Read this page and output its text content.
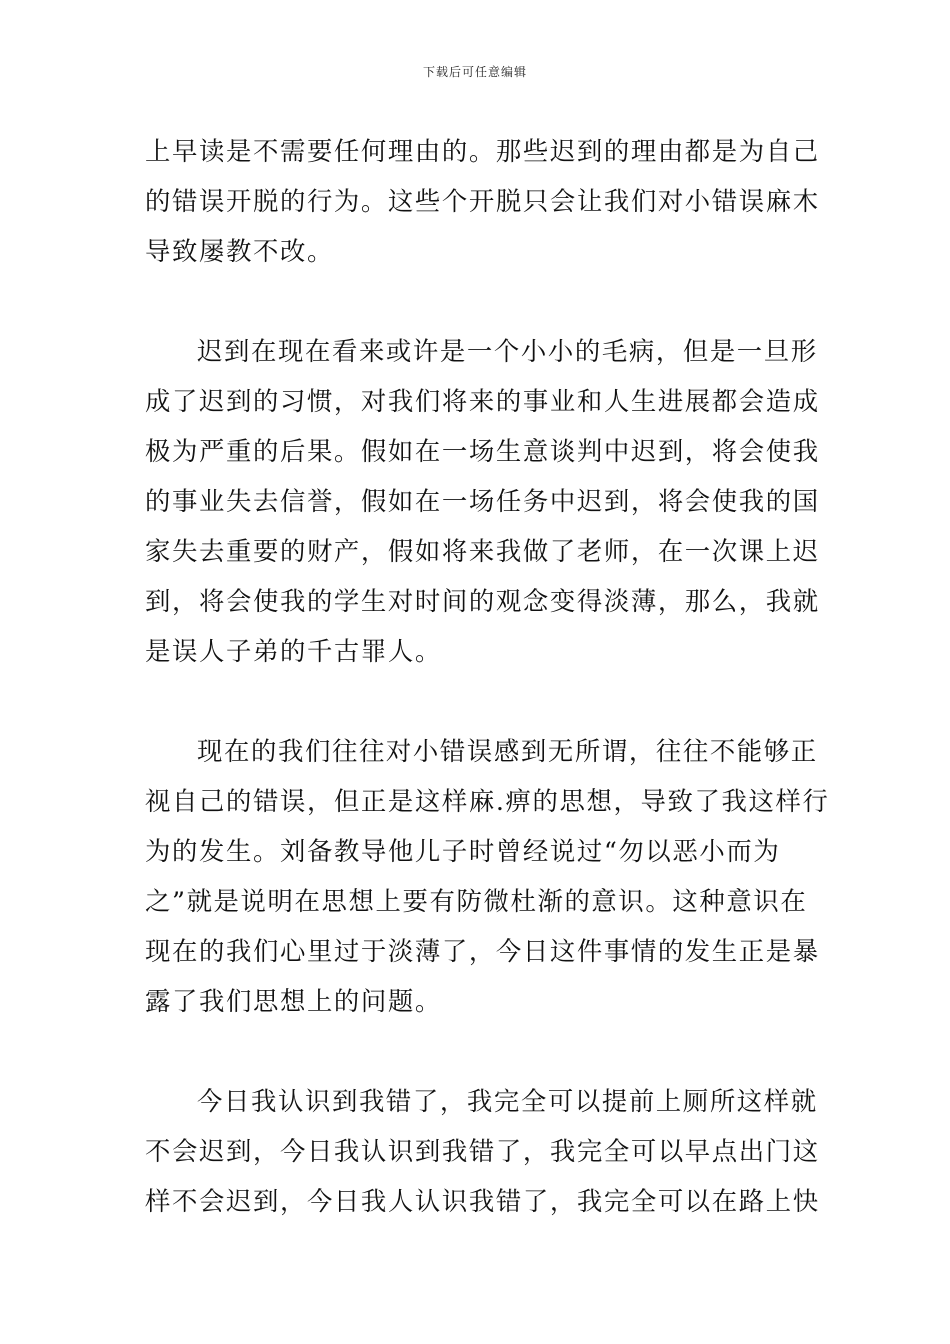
下载后可任意编辑
上早读是不需要任何理由的。那些迟到的理由都是为自己
的错误开脱的行为。这些个开脱只会让我们对小错误麻木
导致屡教不改。
迟到在现在看来或许是一个小小的毛病，但是一旦形
成了迟到的习惯，对我们将来的事业和人生进展都会造成
极为严重的后果。假如在一场生意谈判中迟到，将会使我
的事业失去信誉，假如在一场任务中迟到，将会使我的国
家失去重要的财产，假如将来我做了老师，在一次课上迟
到，将会使我的学生对时间的观念变得淡薄，那么，我就
是误人子弟的千古罪人。
现在的我们往往对小错误感到无所谓，往往不能够正
视自己的错误，但正是这样麻.痹的思想，导致了我这样行
为的发生。刘备教导他儿子时曾经说过“勿以恶小而为
之”就是说明在思想上要有防微杜渐的意识。这种意识在
现在的我们心里过于淡薄了，今日这件事情的发生正是暴
露了我们思想上的问题。
今日我认识到我错了，我完全可以提前上厕所这样就
不会迟到，今日我认识到我错了，我完全可以早点出门这
样不会迟到，今日我人认识我错了，我完全可以在路上快
